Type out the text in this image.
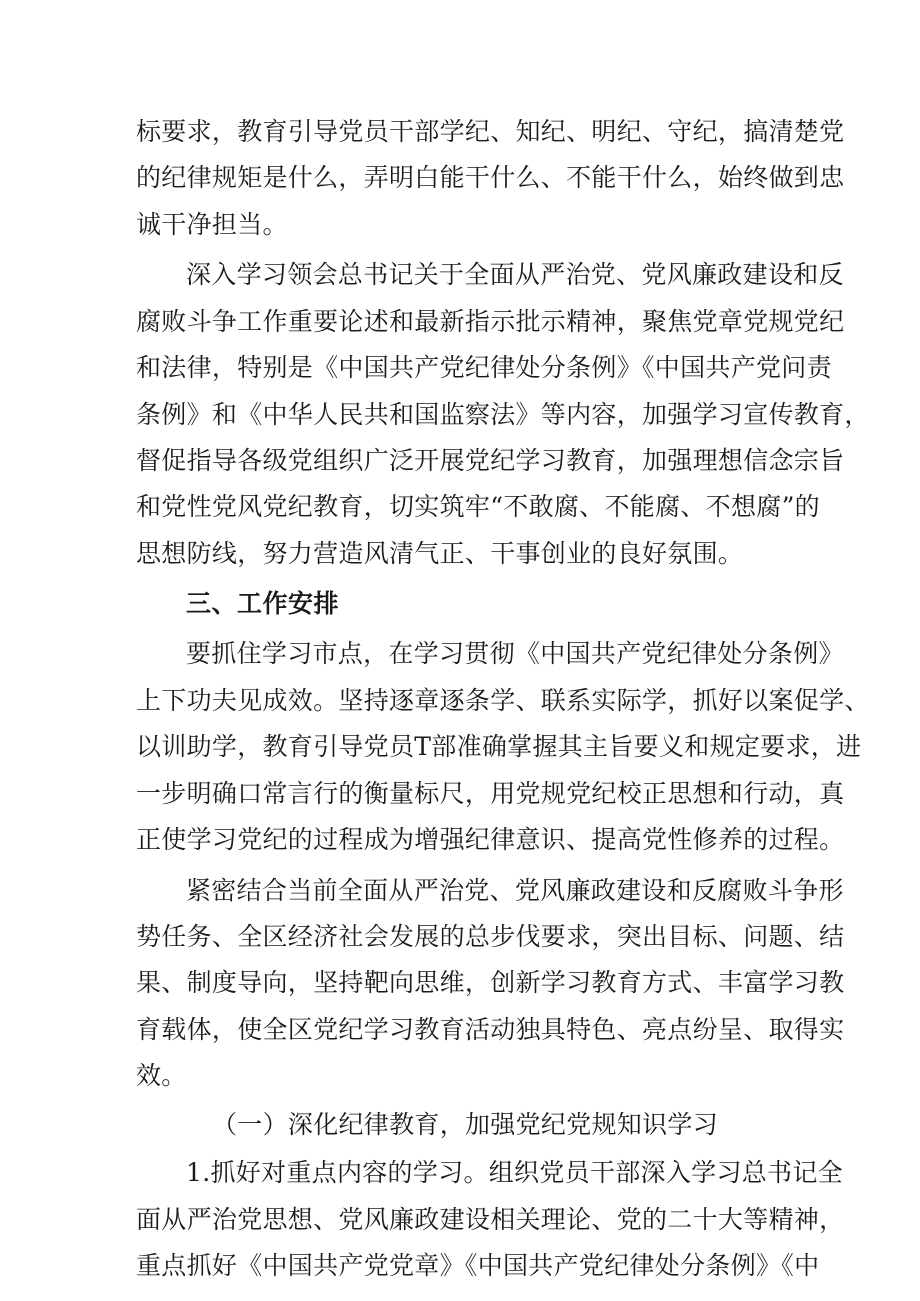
标要求，教育引导党员干部学纪、知纪、明纪、守纪，搞清楚党
的纪律规矩是什么，弄明白能干什么、不能干什么，始终做到忠
诚干净担当。
深入学习领会总书记关于全面从严治党、党风廉政建设和反
腐败斗争工作重要论述和最新指示批示精神，聚焦党章党规党纪
和法律，特别是《中国共产党纪律处分条例》《中国共产党问责
条例》和《中华人民共和国监察法》等内容，加强学习宣传教育，
督促指导各级党组织广泛开展党纪学习教育，加强理想信念宗旨
和党性党风党纪教育，切实筑牢“不敢腐、不能腐、不想腐”的
思想防线，努力营造风清气正、干事创业的良好氛围。
三、工作安排
要抓住学习市点，在学习贯彻《中国共产党纪律处分条例》
上下功夫见成效。坚持逐章逐条学、联系实际学，抓好以案促学、
以训助学，教育引导党员T部准确掌握其主旨要义和规定要求，进
一步明确口常言行的衡量标尺，用党规党纪校正思想和行动，真
正使学习党纪的过程成为增强纪律意识、提高党性修养的过程。
紧密结合当前全面从严治党、党风廉政建设和反腐败斗争形
势任务、全区经济社会发展的总步伐要求，突出目标、问题、结
果、制度导向，坚持靶向思维，创新学习教育方式、丰富学习教
育载体，使全区党纪学习教育活动独具特色、亮点纷呈、取得实
效。
（一）深化纪律教育，加强党纪党规知识学习
1.抓好对重点内容的学习。组织党员干部深入学习总书记全
面从严治党思想、党风廉政建设相关理论、党的二十大等精神，
重点抓好《中国共产党党章》《中国共产党纪律处分条例》《中
